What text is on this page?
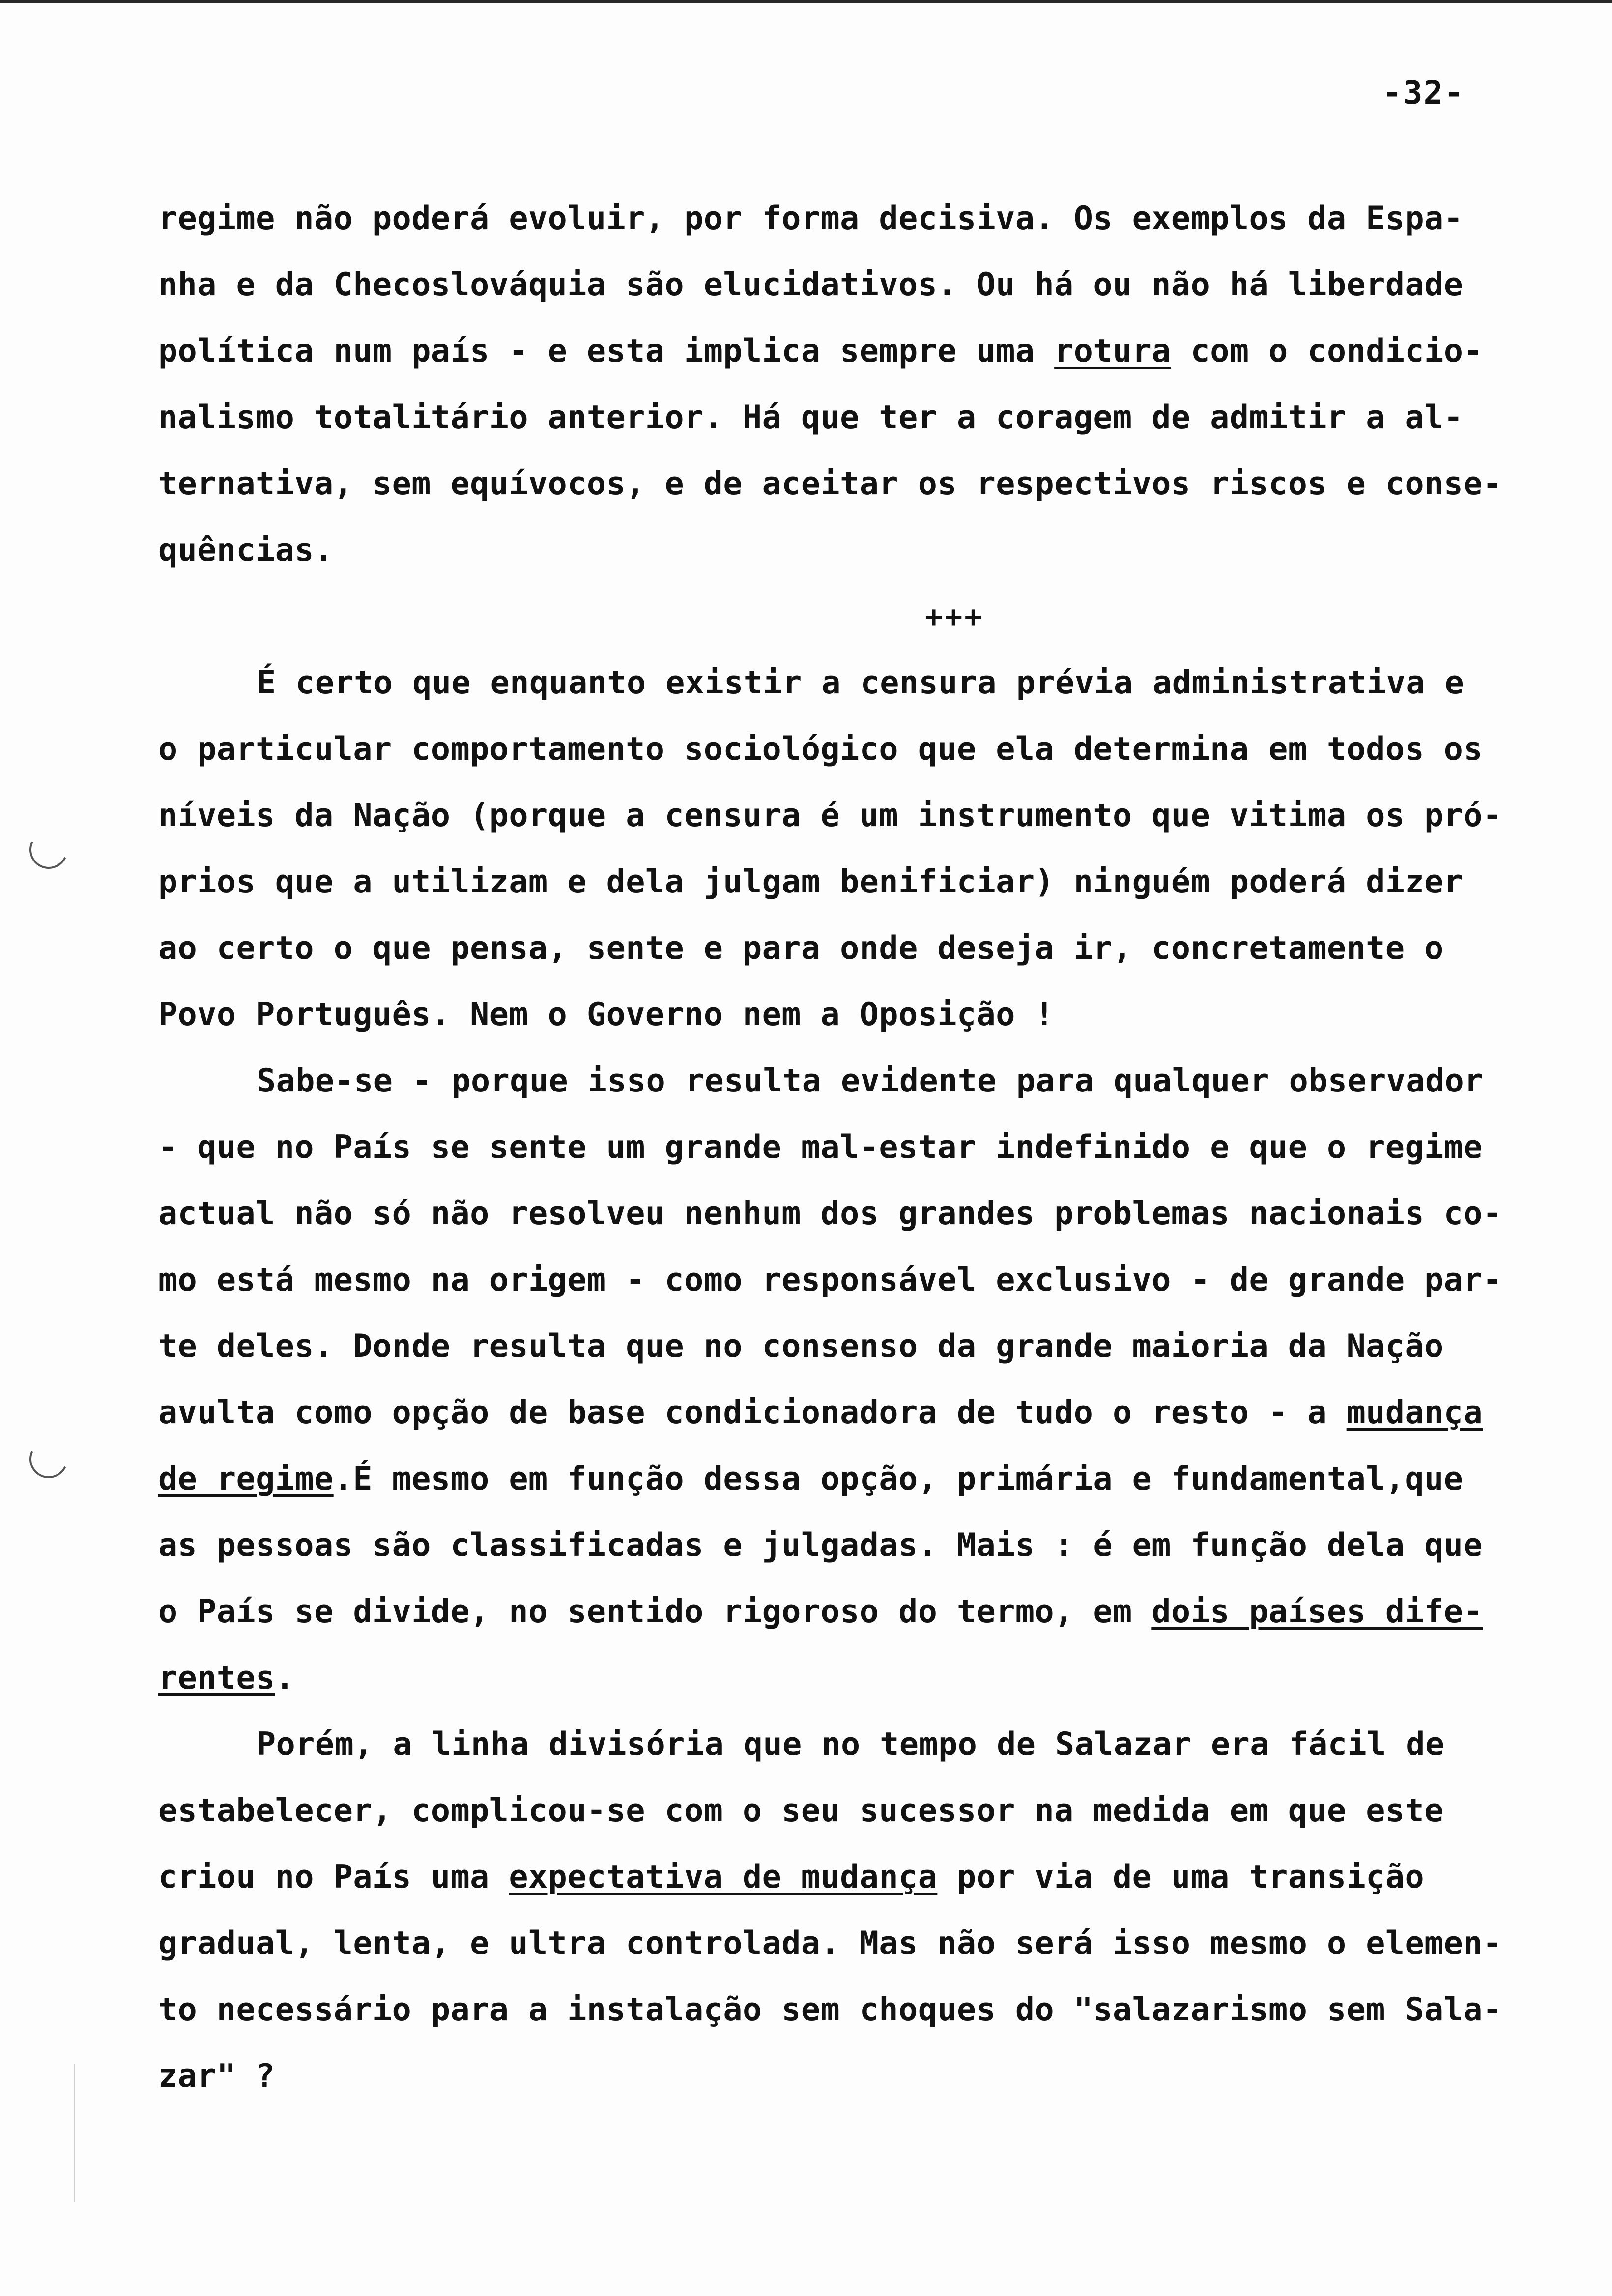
-32-
regime não poderá evoluir, por forma decisiva. Os exemplos da Espa-
nha e da Checoslováquia são elucidativos. Ou há ou não há liberdade
política num país - e esta implica sempre uma rotura com o condicio-
nalismo totalitário anterior. Há que ter a coragem de admitir a al-
ternativa, sem equívocos, e de aceitar os respectivos riscos e conse-
quências.
+++
É certo que enquanto existir a censura prévia administrativa e
o particular comportamento sociológico que ela determina em todos os
níveis da Nação (porque a censura é um instrumento que vitima os pró-
prios que a utilizam e dela julgam benificiar) ninguém poderá dizer
ao certo o que pensa, sente e para onde deseja ir, concretamente o
Povo Português. Nem o Governo nem a Oposição !
Sabe-se - porque isso resulta evidente para qualquer observador
- que no País se sente um grande mal-estar indefinido e que o regime
actual não só não resolveu nenhum dos grandes problemas nacionais co-
mo está mesmo na origem - como responsável exclusivo - de grande par-
te deles. Donde resulta que no consenso da grande maioria da Nação
avulta como opção de base condicionadora de tudo o resto - a mudança
de regime.É mesmo em função dessa opção, primária e fundamental,que
as pessoas são classificadas e julgadas. Mais : é em função dela que
o País se divide, no sentido rigoroso do termo, em dois países dife-
rentes.
Porém, a linha divisória que no tempo de Salazar era fácil de
estabelecer, complicou-se com o seu sucessor na medida em que este
criou no País uma expectativa de mudança por via de uma transição
gradual, lenta, e ultra controlada. Mas não será isso mesmo o elemen-
to necessário para a instalação sem choques do "salazarismo sem Sala-
zar" ?
